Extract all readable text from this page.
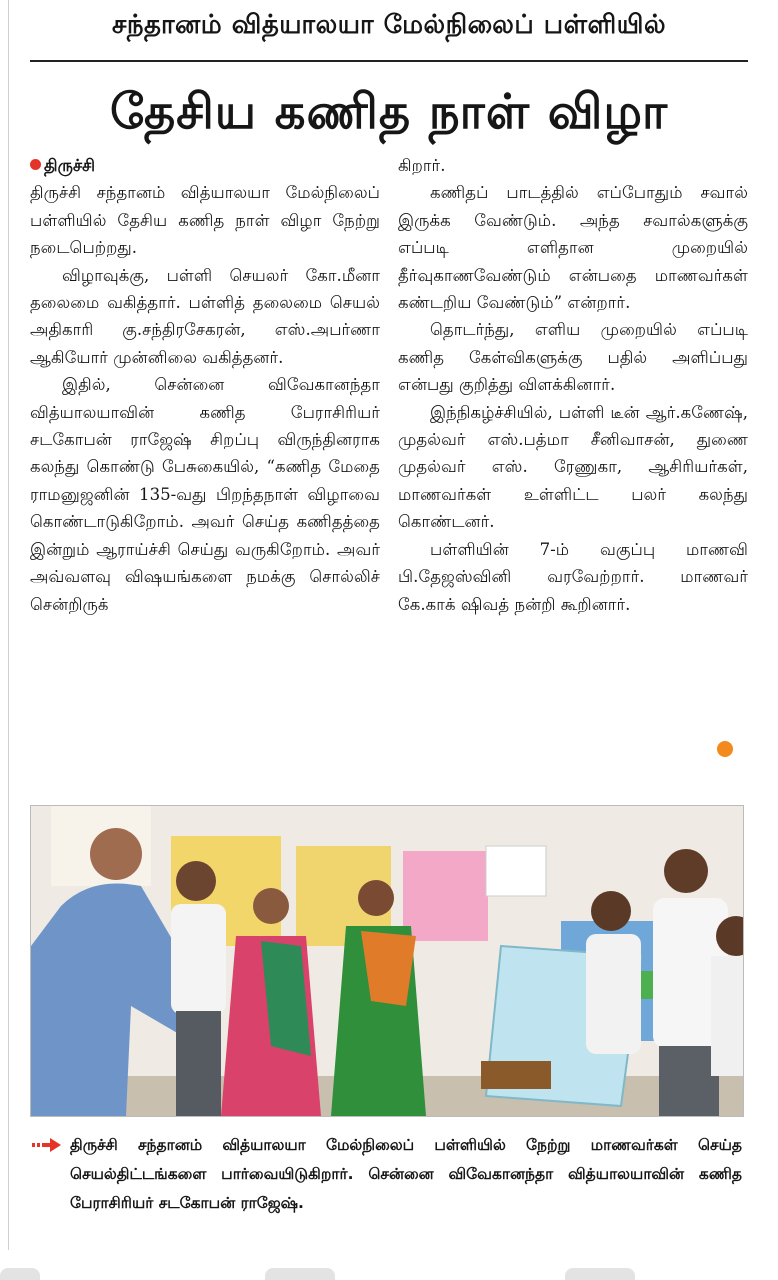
சந்தானம் வித்யாலயா மேல்நிலைப் பள்ளியில்
தேசிய கணித நாள் விழா
திருச்சி

திருச்சி சந்தானம் வித்யாலயா மேல்நிலைப் பள்ளியில் தேசிய கணித நாள் விழா நேற்று நடைபெற்றது.

விழாவுக்கு, பள்ளி செயலர் கோ.மீனா தலைமை வகித்தார். பள்ளித் தலைமை செயல் அதிகாரி கு.சந்திரசேகரன், எஸ்.அபர்ணா ஆகியோர் முன்னிலை வகித்தனர்.

இதில், சென்னை விவேகானந்தா வித்யாலயாவின் கணித பேராசிரியர் சடகோபன் ராஜேஷ் சிறப்பு விருந்தினராக கலந்து கொண்டு பேசுகையில், “கணித மேதை ராமனுஜனின் 135-வது பிறந்தநாள் விழாவை கொண்டாடுகிறோம். அவர் செய்த கணிதத்தை இன்றும் ஆராய்ச்சி செய்து வருகிறோம். அவர் அவ்வளவு விஷயங்களை நமக்கு சொல்லிச் சென்றிருக்

கிறார்.

கணிதப் பாடத்தில் எப்போதும் சவால் இருக்க வேண்டும். அந்த சவால்களுக்கு எப்படி எளிதான முறையில் தீர்வுகாணவேண்டும் என்பதை மாணவர்கள் கண்டறிய வேண்டும்” என்றார்.

தொடர்ந்து, எளிய முறையில் எப்படி கணித கேள்விகளுக்கு பதில் அளிப்பது என்பது குறித்து விளக்கினார்.

இந்நிகழ்ச்சியில், பள்ளி டீன் ஆர்.கணேஷ், முதல்வர் எஸ்.பத்மா சீனிவாசன், துணை முதல்வர் எஸ். ரேணுகா, ஆசிரியர்கள், மாணவர்கள் உள்ளிட்ட பலர் கலந்து கொண்டனர்.

பள்ளியின் 7-ம் வகுப்பு மாணவி பி.தேஜஸ்வினி வரவேற்றார். மாணவர் கே.காக் ஷிவத் நன்றி கூறினார்.

திருச்சி சந்தானம் வித்யாலயா மேல்நிலைப் பள்ளியில் நேற்று மாணவர்கள் செய்த செயல்திட்டங்களை பார்வையிடுகிறார். சென்னை விவேகானந்தா வித்யாலயாவின் கணித பேராசிரியர் சடகோபன் ராஜேஷ்.
